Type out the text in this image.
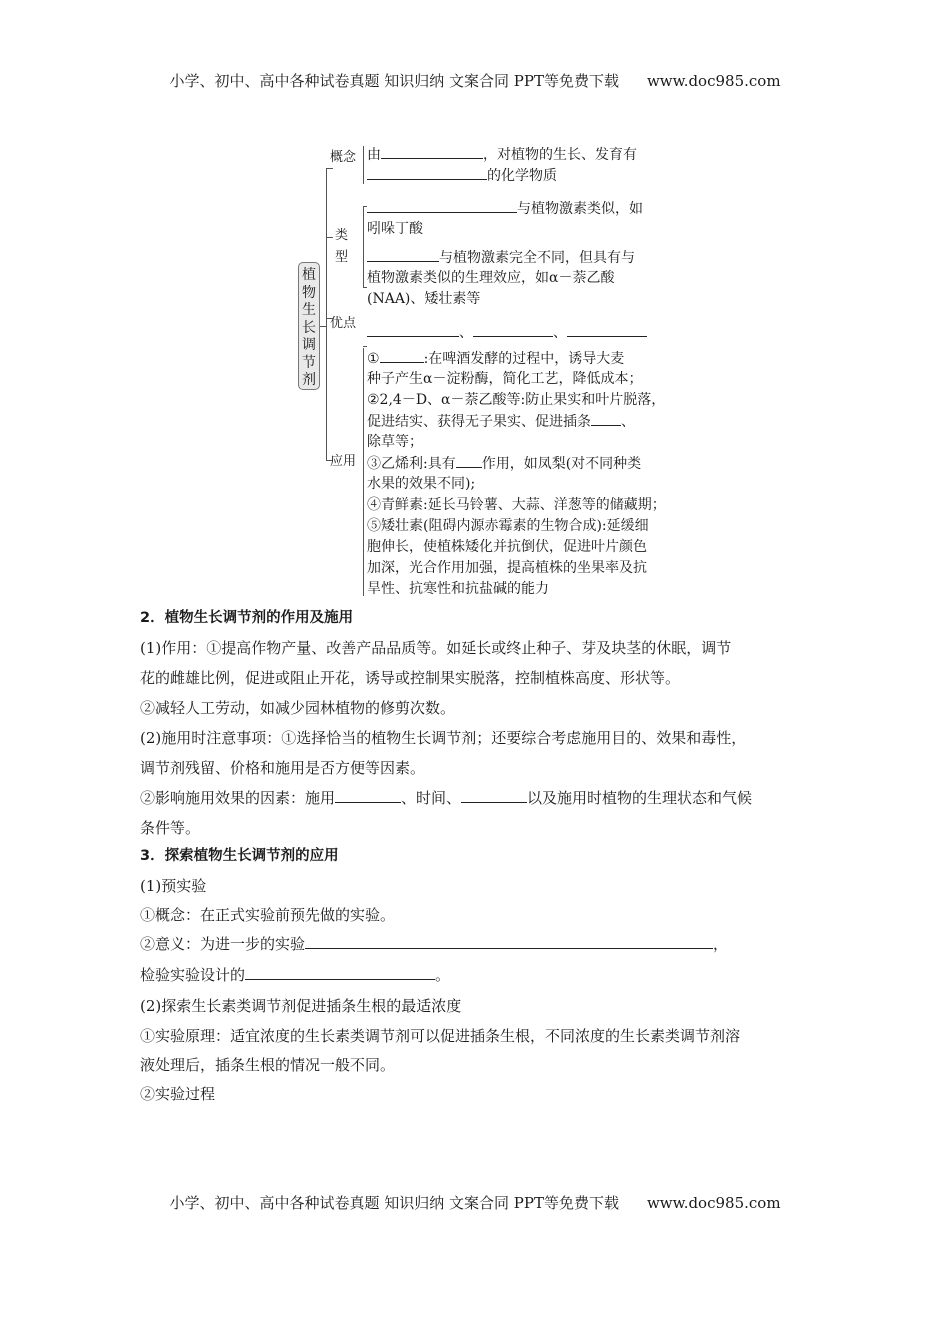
小学、初中、高中各种试卷真题 知识归纳 文案合同 PPT等免费下载 www.doc985.com
植物生长调节剂
概念
类
型
优点
应用
由	，对植物的生长、发育有
的化学物质
与植物激素类似，如
吲哚丁酸
与植物激素完全不同，但具有与
植物激素类似的生理效应，如α－萘乙酸
(NAA)、矮壮素等
、	、
①	:在啤酒发酵的过程中，诱导大麦
种子产生α－淀粉酶，简化工艺，降低成本；
②2,4－D、α－萘乙酸等:防止果实和叶片脱落，
促进结实、获得无子果实、促进插条 、
除草等；
③乙烯利:具有 作用，如凤梨(对不同种类
水果的效果不同);
④青鲜素:延长马铃薯、大蒜、洋葱等的储藏期；
⑤矮壮素(阻碍内源赤霉素的生物合成):延缓细
胞伸长，使植株矮化并抗倒伏，促进叶片颜色
加深，光合作用加强，提高植株的坐果率及抗
旱性、抗寒性和抗盐碱的能力

2．植物生长调节剂的作用及施用

(1)作用：①提高作物产量、改善产品品质等。如延长或终止种子、芽及块茎的休眠，调节

花的雌雄比例，促进或阻止开花，诱导或控制果实脱落，控制植株高度、形状等。

②减轻人工劳动，如减少园林植物的修剪次数。

(2)施用时注意事项：①选择恰当的植物生长调节剂；还要综合考虑施用目的、效果和毒性，

调节剂残留、价格和施用是否方便等因素。

②影响施用效果的因素：施用	、时间、	以及施用时植物的生理状态和气候

条件等。

3．探索植物生长调节剂的应用

(1)预实验

①概念：在正式实验前预先做的实验。

②意义：为进一步的实验	，

检验实验设计的	。

(2)探索生长素类调节剂促进插条生根的最适浓度

①实验原理：适宜浓度的生长素类调节剂可以促进插条生根，不同浓度的生长素类调节剂溶

液处理后，插条生根的情况一般不同。

②实验过程

小学、初中、高中各种试卷真题 知识归纳 文案合同 PPT等免费下载 www.doc985.com
